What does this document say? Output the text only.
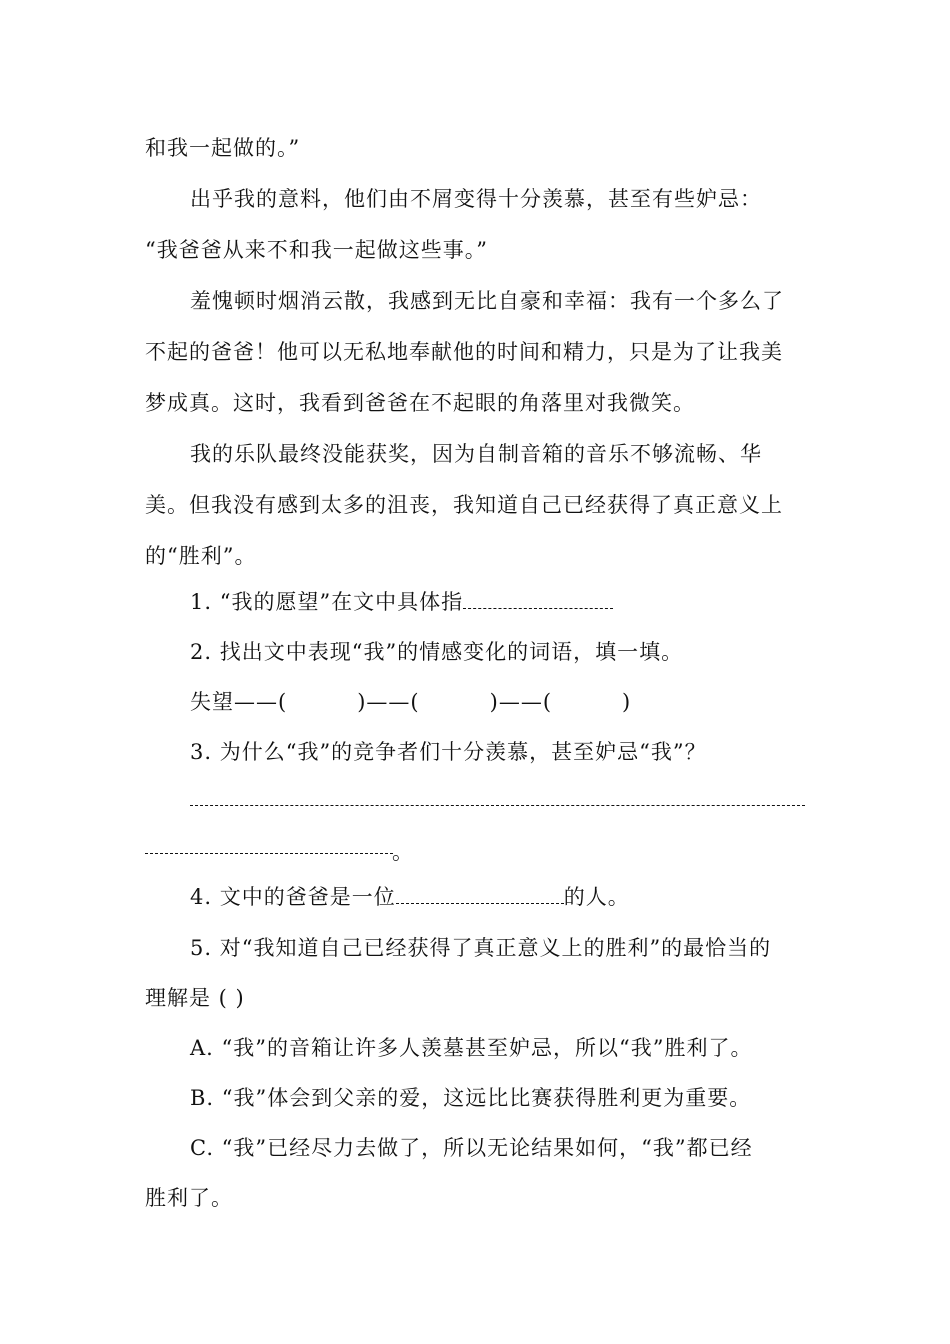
和我一起做的。”
出乎我的意料，他们由不屑变得十分羡慕，甚至有些妒忌：
“我爸爸从来不和我一起做这些事。”
羞愧顿时烟消云散，我感到无比自豪和幸福：我有一个多么了
不起的爸爸！他可以无私地奉献他的时间和精力，只是为了让我美
梦成真。这时，我看到爸爸在不起眼的角落里对我微笑。
我的乐队最终没能获奖，因为自制音箱的音乐不够流畅、华
美。但我没有感到太多的沮丧，我知道自己已经获得了真正意义上
的“胜利”。
1. “我的愿望”在文中具体指
2. 找出文中表现“我”的情感变化的词语，填一填。
失望——(	)——(	)——(	)
3. 为什么“我”的竞争者们十分羡慕，甚至妒忌“我”？
。
4. 文中的爸爸是一位	的人。
5. 对“我知道自己已经获得了真正意义上的胜利”的最恰当的
理解是 ( )
A. “我”的音箱让许多人羡墓甚至妒忌，所以“我”胜利了。
B. “我”体会到父亲的爱，这远比比赛获得胜利更为重要。
C. “我”已经尽力去做了，所以无论结果如何，“我”都已经
胜利了。
